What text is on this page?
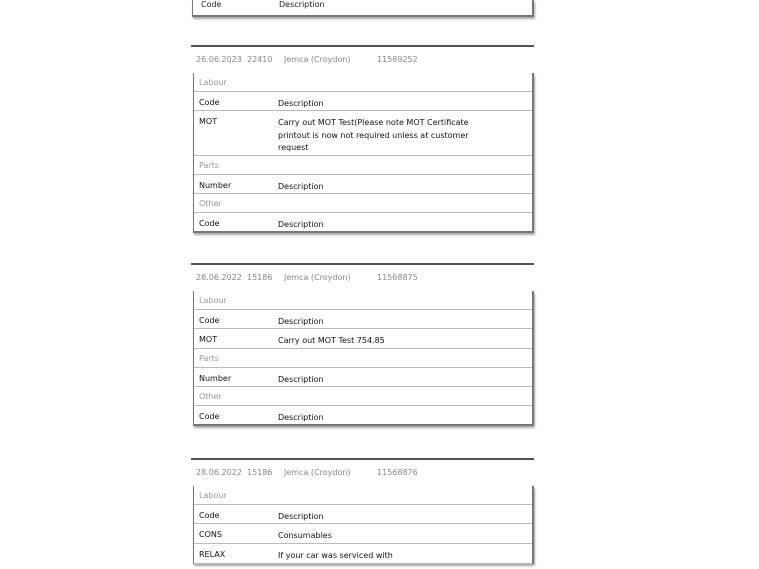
Code	Description
26.06.2023 22410 Jemca (Croydon)	11589252
Labour
Code	Description
MOT	Carry out MOT Test(Please note MOT Certificate printout is now not required unless at customer request
Parts
Number	Description
Other
Code	Description
28.06.2022 15186 Jemca (Croydon)	11568875
Labour
Code	Description
MOT	Carry out MOT Test 754.85
Parts
Number	Description
Other
Code	Description
28.06.2022 15186 Jemca (Croydon)	11568876
Labour
Code	Description
CONS	Consumables
RELAX	If your car was serviced with
